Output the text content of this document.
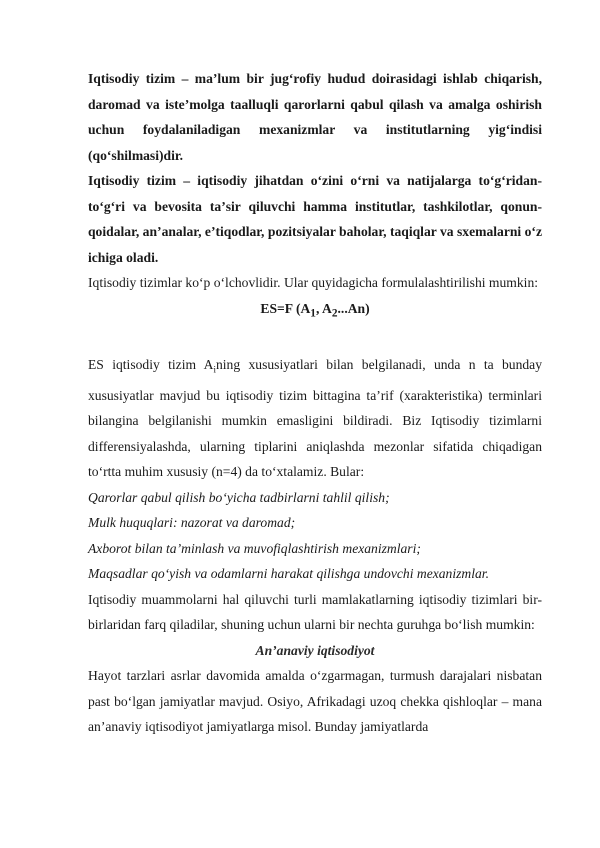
Iqtisodiy tizim – maʼlum bir jugʻrofiy hudud doirasidagi ishlab chiqarish, daromad va isteʼmolga taalluqli qarorlarni qabul qilash va amalga oshirish uchun foydalaniladigan mexanizmlar va institutlarning yigʻindisi (qoʻshilmasi)dir.

Iqtisodiy tizim – iqtisodiy jihatdan oʻzini oʻrni va natijalarga toʻgʻridan-toʻgʻri va bevosita taʼsir qiluvchi hamma institutlar, tashkilotlar, qonun-qoidalar, anʼanalar, eʼtiqodlar, pozitsiyalar baholar, taqiqlar va sxemalarni oʻz ichiga oladi.

Iqtisodiy tizimlar koʻp oʻlchovlidir. Ular quyidagicha formulalashtirilishi mumkin:

ES=F ($A_1$, $A_2...An$)

ES iqtisodiy tizim $A_ining$ xususiyatlari bilan belgilanadi, unda n ta bunday xususiyatlar mavjud bu iqtisodiy tizim bittagina taʼrif (xarakteristika) terminlari bilangina belgilanishi mumkin emasligini bildiradi. Biz Iqtisodiy tizimlarni differensiyalashda, ularning tiplarini aniqlashda mezonlar sifatida chiqadigan toʻrtta muhim xususiy (n=4) da toʻxtalamiz. Bular:

Qarorlar qabul qilish boʻyicha tadbirlarni tahlil qilish;

Mulk huquqlari: nazorat va daromad;

Axborot bilan taʼminlash va muvofiqlashtirish mexanizmlari;

Maqsadlar qoʻyish va odamlarni harakat qilishga undovchi mexanizmlar.

Iqtisodiy muammolarni hal qiluvchi turli mamlakatlarning iqtisodiy tizimlari bir-birlaridan farq qiladilar, shuning uchun ularni bir nechta guruhga boʻlish mumkin:

Anʼanaviy iqtisodiyot

Hayot tarzlari asrlar davomida amalda oʻzgarmagan, turmush darajalari nisbatan past boʻlgan jamiyatlar mavjud. Osiyo, Afrikadagi uzoq chekka qishloqlar – mana anʼanaviy iqtisodiyot jamiyatlarga misol. Bunday jamiyatlarda
